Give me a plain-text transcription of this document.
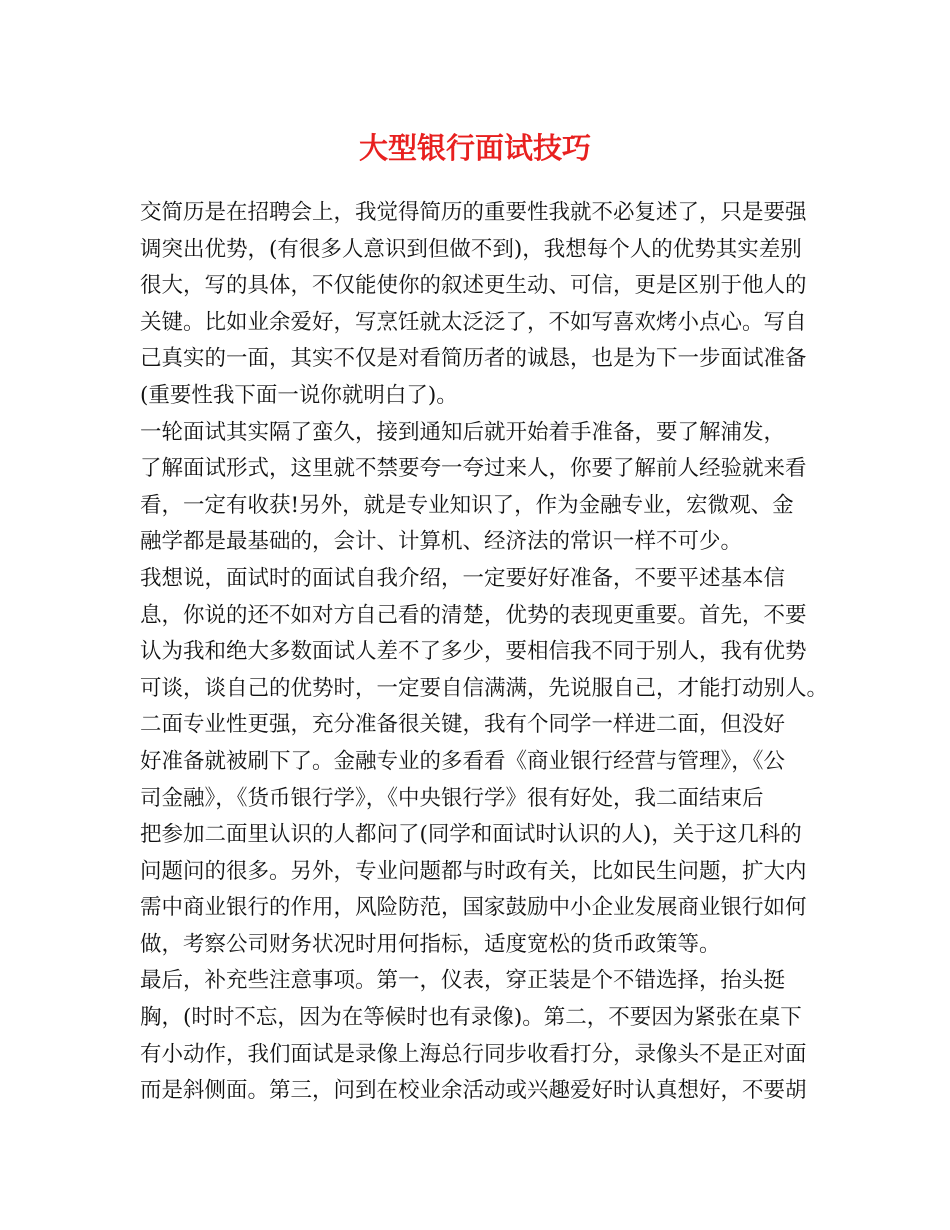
大型银行面试技巧
交简历是在招聘会上，我觉得简历的重要性我就不必复述了，只是要强
调突出优势，(有很多人意识到但做不到)，我想每个人的优势其实差别
很大，写的具体，不仅能使你的叙述更生动、可信，更是区别于他人的
关键。比如业余爱好，写烹饪就太泛泛了，不如写喜欢烤小点心。写自
己真实的一面，其实不仅是对看简历者的诚恳，也是为下一步面试准备
(重要性我下面一说你就明白了)。
一轮面试其实隔了蛮久，接到通知后就开始着手准备，要了解浦发，
了解面试形式，这里就不禁要夸一夸过来人，你要了解前人经验就来看
看，一定有收获!另外，就是专业知识了，作为金融专业，宏微观、金
融学都是最基础的，会计、计算机、经济法的常识一样不可少。
我想说，面试时的面试自我介绍，一定要好好准备，不要平述基本信
息，你说的还不如对方自己看的清楚，优势的表现更重要。首先，不要
认为我和绝大多数面试人差不了多少，要相信我不同于别人，我有优势
可谈，谈自己的优势时，一定要自信满满，先说服自己，才能打动别人。
二面专业性更强，充分准备很关键，我有个同学一样进二面，但没好
好准备就被刷下了。金融专业的多看看《商业银行经营与管理》，《公
司金融》，《货币银行学》，《中央银行学》很有好处，我二面结束后
把参加二面里认识的人都问了(同学和面试时认识的人)，关于这几科的
问题问的很多。另外，专业问题都与时政有关，比如民生问题，扩大内
需中商业银行的作用，风险防范，国家鼓励中小企业发展商业银行如何
做，考察公司财务状况时用何指标，适度宽松的货币政策等。
最后，补充些注意事项。第一，仪表，穿正装是个不错选择，抬头挺
胸，(时时不忘，因为在等候时也有录像)。第二，不要因为紧张在桌下
有小动作，我们面试是录像上海总行同步收看打分，录像头不是正对面
而是斜侧面。第三，问到在校业余活动或兴趣爱好时认真想好，不要胡
